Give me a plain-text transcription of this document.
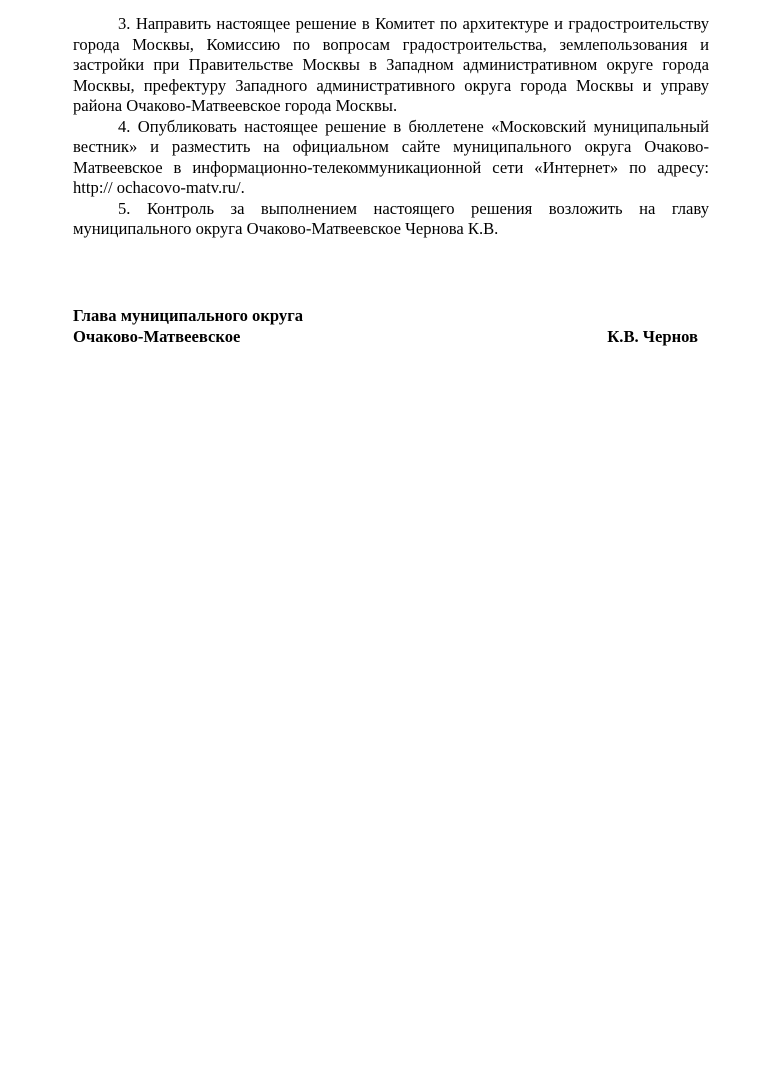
3. Направить настоящее решение в Комитет по архитектуре и градостроительству города Москвы, Комиссию по вопросам градостроительства, землепользования и застройки при Правительстве Москвы в Западном административном округе города Москвы, префектуру Западного административного округа города Москвы и управу района Очаково-Матвеевское города Москвы.

4. Опубликовать настоящее решение в бюллетене «Московский муниципальный вестник» и разместить на официальном сайте муниципального округа Очаково-Матвеевское в информационно-телекоммуникационной сети «Интернет» по адресу: http:// ochacovo-matv.ru/.

5. Контроль за выполнением настоящего решения возложить на главу муниципального округа Очаково-Матвеевское Чернова К.В.

Глава муниципального округа
Очаково-Матвеевское	К.В. Чернов
